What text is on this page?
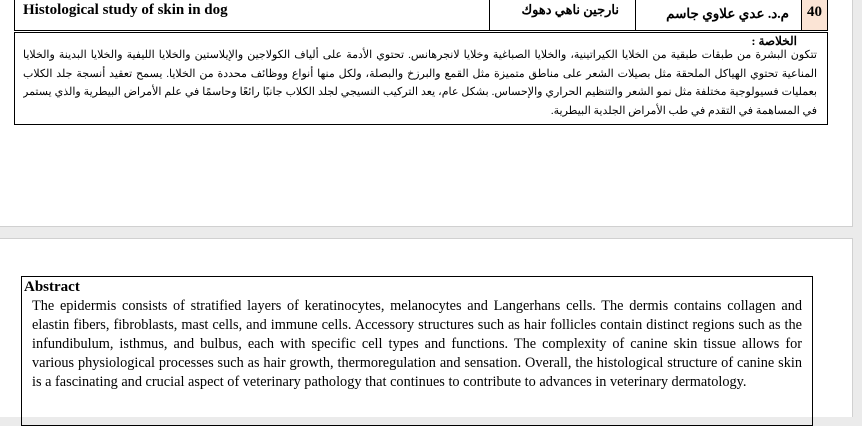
Histological study of skin in dog	نارجين ناهي دهوك	م.د. عدي علاوي جاسم	40
الخلاصة :
تتكون البشرة من طبقات طبقية من الخلايا الكيراتينية، والخلايا الصباغية وخلايا لانجرهانس. تحتوي الأدمة على ألياف الكولاجين والإيلاستين والخلايا الليفية والخلايا البدينة والخلايا المناعية تحتوي الهياكل الملحقة مثل بصيلات الشعر على مناطق متميزة مثل القمع والبرزخ والبصلة، ولكل منها أنواع ووظائف محددة من الخلايا. يسمح تعقيد أنسجة جلد الكلاب بعمليات فسيولوجية مختلفة مثل نمو الشعر والتنظيم الحراري والإحساس. بشكل عام، يعد التركيب النسيجي لجلد الكلاب جانبًا رائعًا وحاسمًا في علم الأمراض البيطرية والذي يستمر في المساهمة في التقدم في طب الأمراض الجلدية البيطرية.
Abstract
The epidermis consists of stratified layers of keratinocytes, melanocytes and Langerhans cells. The dermis contains collagen and elastin fibers, fibroblasts, mast cells, and immune cells. Accessory structures such as hair follicles contain distinct regions such as the infundibulum, isthmus, and bulbus, each with specific cell types and functions. The complexity of canine skin tissue allows for various physiological processes such as hair growth, thermoregulation and sensation. Overall, the histological structure of canine skin is a fascinating and crucial aspect of veterinary pathology that continues to contribute to advances in veterinary dermatology.
